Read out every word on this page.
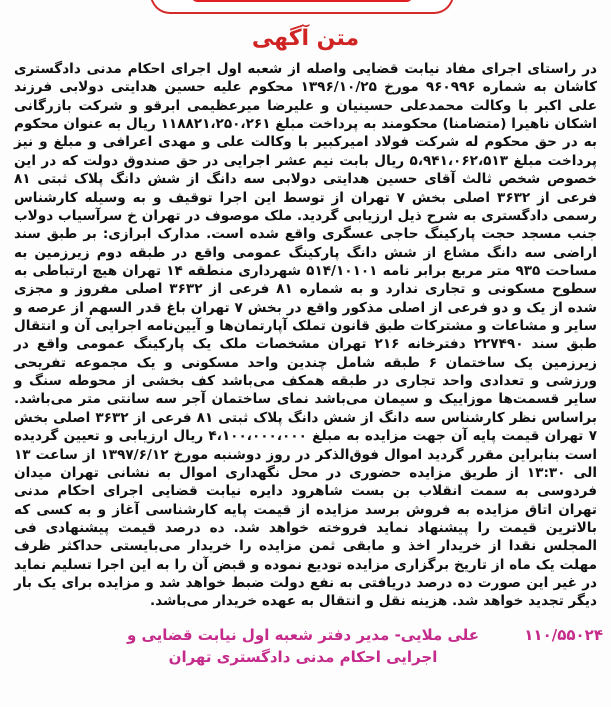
متن آگهی
در راستای اجرای مفاد نیابت قضایی واصله از شعبه اول اجرای احکام مدنی دادگستری کاشان به شماره ۹۶۰۹۹۶ مورخ ۱۳۹۶/۱۰/۲۵ محکوم علیه حسین هدایتی دولابی فرزند علی اکبر با وکالت محمدعلی حسینیان و علیرضا میرعظیمی ابرقو و شرکت بازرگانی اشکان ناهیرا (متضامنا) محکومند به پرداخت مبلغ ۱۱۸۸۲۱،۲۵۰،۲۶۱ ریال به عنوان محکوم به در حق محکوم له شرکت فولاد امیرکبیر با وکالت علی و مهدی اعرافی و مبلغ و نیز پرداخت مبلغ ۵،۹۴۱،۰۶۲،۵۱۳ ریال بابت نیم عشر اجرایی در حق صندوق دولت که در این خصوص شخص ثالث آقای حسین هدایتی دولابی سه دانگ از شش دانگ پلاک ثبتی ۸۱ فرعی از ۳۶۳۲ اصلی بخش ۷ تهران از توسط این اجرا توقیف و به وسیله کارشناس رسمی دادگستری به شرح ذیل ارزیابی گردید. ملک موصوف در تهران خ سرآسیاب دولاب جنب مسجد حجت پارکینگ حاجی عسگری واقع شده است. مدارک ابرازی: بر طبق سند اراضی سه دانگ مشاع از شش دانگ پارکینگ عمومی واقع در طبقه دوم زیرزمین به مساحت ۹۳۵ متر مربع برابر نامه ۵۱۴/۱۰۱۰۱ شهرداری منطقه ۱۴ تهران هیچ ارتباطی به سطوح مسکونی و تجاری ندارد و به شماره ۸۱ فرعی از ۳۶۳۲ اصلی مفروز و مجزی شده از یک و دو فرعی از اصلی مذکور واقع در بخش ۷ تهران باغ قدر السهم از عرصه و سایر و مشاعات و مشترکات طبق قانون تملک آپارتمان‌ها و آیین‌نامه اجرایی آن و انتقال طبق سند ۲۲۷۴۹۰ دفترخانه ۲۱۶ تهران مشخصات ملک یک پارکینگ عمومی واقع در زیرزمین یک ساختمان ۶ طبقه شامل چندین واحد مسکونی و یک مجموعه تفریحی ورزشی و تعدادی واحد تجاری در طبقه همکف می‌باشد کف بخشی از محوطه سنگ و سایر قسمت‌ها موزاییک و سیمان می‌باشد نمای ساختمان آجر سه سانتی متر می‌باشد. براساس نظر کارشناس سه دانگ از شش دانگ پلاک ثبتی ۸۱ فرعی از ۳۶۳۲ اصلی بخش ۷ تهران قیمت پایه آن جهت مزایده به مبلغ ۴،۱۰۰،۰۰۰،۰۰۰ ریال ارزیابی و تعیین گردیده است بنابراین مقرر گردید اموال فوق‌الذکر در روز دوشنبه مورخ ۱۳۹۷/۶/۱۲ از ساعت ۱۳ الی ۱۳:۳۰ از طریق مزایده حضوری در محل نگهداری اموال به نشانی تهران میدان فردوسی به سمت انقلاب بن بست شاهرود دایره نیابت قضایی اجرای احکام مدنی تهران اتاق مزایده به فروش برسد مزایده از قیمت پایه کارشناسی آغاز و به کسی که بالاترین قیمت را پیشنهاد نماید فروخته خواهد شد. ده درصد قیمت پیشنهادی فی المجلس نقدا از خریدار اخذ و مابقی ثمن مزایده را خریدار می‌بایستی حداکثر ظرف مهلت یک ماه از تاریخ برگزاری مزایده تودیع نموده و قبض آن را به این اجرا تسلیم نماید در غیر این صورت ده درصد دریافتی به نفع دولت ضبط خواهد شد و مزایده برای یک بار دیگر تجدید خواهد شد. هزینه نقل و انتقال به عهده خریدار می‌باشد.
علی ملایی- مدیر دفتر شعبه اول نیابت قضایی و اجرایی احکام مدنی دادگستری تهران
۱۱۰/۵۵۰۲۴
